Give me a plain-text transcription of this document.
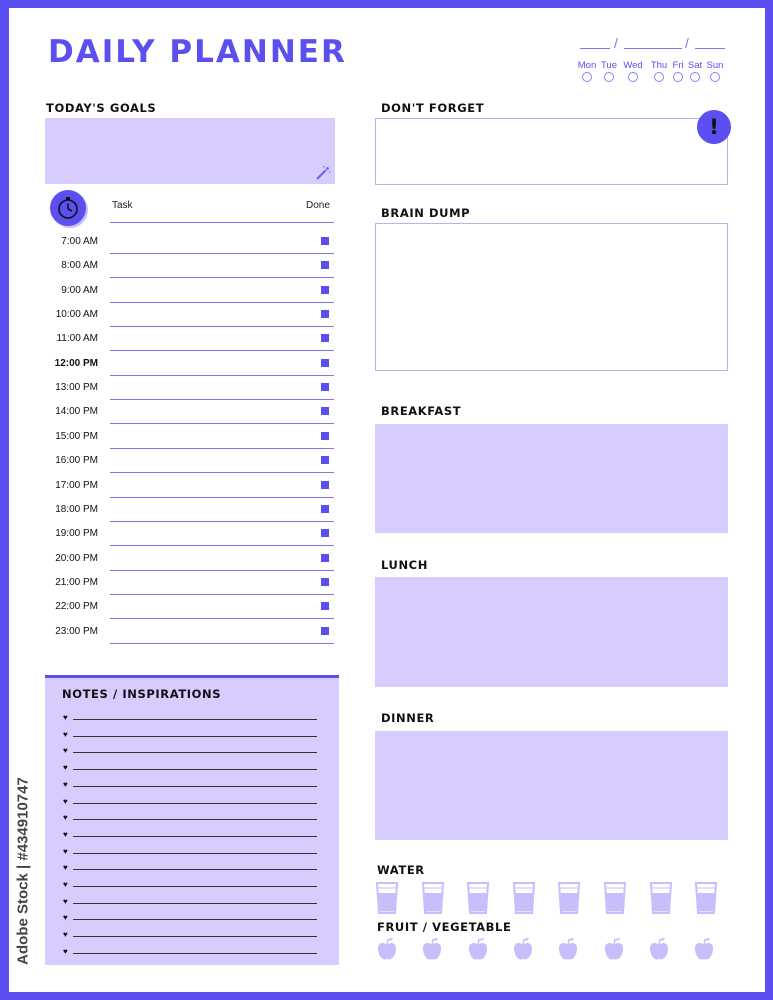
DAILY PLANNER	/	/
Mon Tue Wed Thu Fri Sat Sun
TODAY'S GOALS
Task	Done
7:00 AM
8:00 AM
9:00 AM
10:00 AM
11:00 AM
12:00 PM
13:00 PM
14:00 PM
15:00 PM
16:00 PM
17:00 PM
18:00 PM
19:00 PM
20:00 PM
21:00 PM
22:00 PM
23:00 PM
NOTES / INSPIRATIONS
♥
♥
♥
♥
♥
♥
♥
♥
♥
♥
♥
♥
♥
♥
♥
DON'T FORGET
!
BRAIN DUMP
BREAKFAST
LUNCH
DINNER
WATER
FRUIT / VEGETABLE
Adobe Stock | #434910747
